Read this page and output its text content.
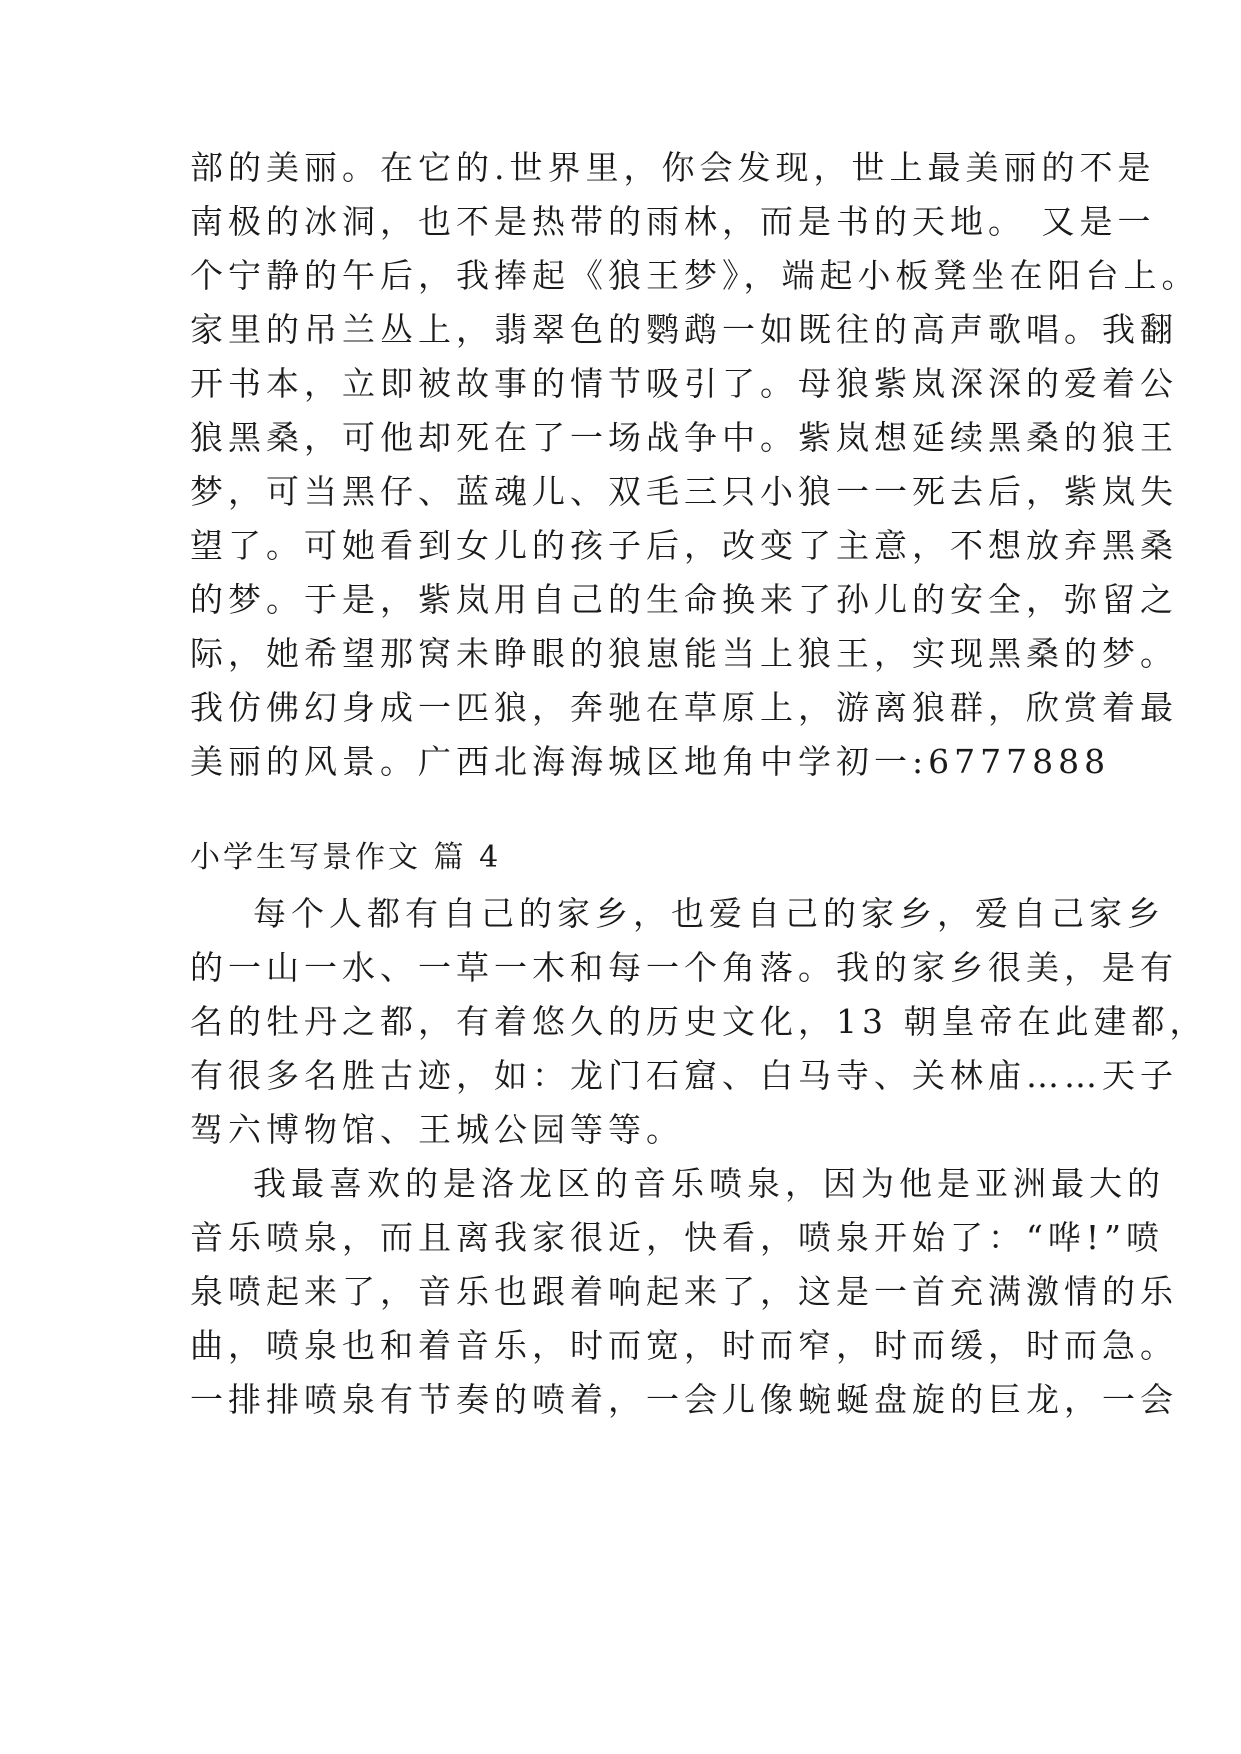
部的美丽。在它的.世界里，你会发现，世上最美丽的不是

南极的冰洞，也不是热带的雨林，而是书的天地。 又是一

个宁静的午后，我捧起《狼王梦》，端起小板凳坐在阳台上。

家里的吊兰丛上，翡翠色的鹦鹉一如既往的高声歌唱。我翻

开书本，立即被故事的情节吸引了。母狼紫岚深深的爱着公

狼黑桑，可他却死在了一场战争中。紫岚想延续黑桑的狼王

梦，可当黑仔、蓝魂儿、双毛三只小狼一一死去后，紫岚失

望了。可她看到女儿的孩子后，改变了主意，不想放弃黑桑

的梦。于是，紫岚用自己的生命换来了孙儿的安全，弥留之

际，她希望那窝未睁眼的狼崽能当上狼王，实现黑桑的梦。

我仿佛幻身成一匹狼，奔驰在草原上，游离狼群，欣赏着最

美丽的风景。广西北海海城区地角中学初一:6777888

小学生写景作文 篇 4

每个人都有自己的家乡，也爱自己的家乡，爱自己家乡

的一山一水、一草一木和每一个角落。我的家乡很美，是有

名的牡丹之都，有着悠久的历史文化，13 朝皇帝在此建都，

有很多名胜古迹，如：龙门石窟、白马寺、关林庙……天子

驾六博物馆、王城公园等等。

我最喜欢的是洛龙区的音乐喷泉，因为他是亚洲最大的

音乐喷泉，而且离我家很近，快看，喷泉开始了：“哗!”喷

泉喷起来了，音乐也跟着响起来了，这是一首充满激情的乐

曲，喷泉也和着音乐，时而宽，时而窄，时而缓，时而急。

一排排喷泉有节奏的喷着，一会儿像蜿蜒盘旋的巨龙，一会
